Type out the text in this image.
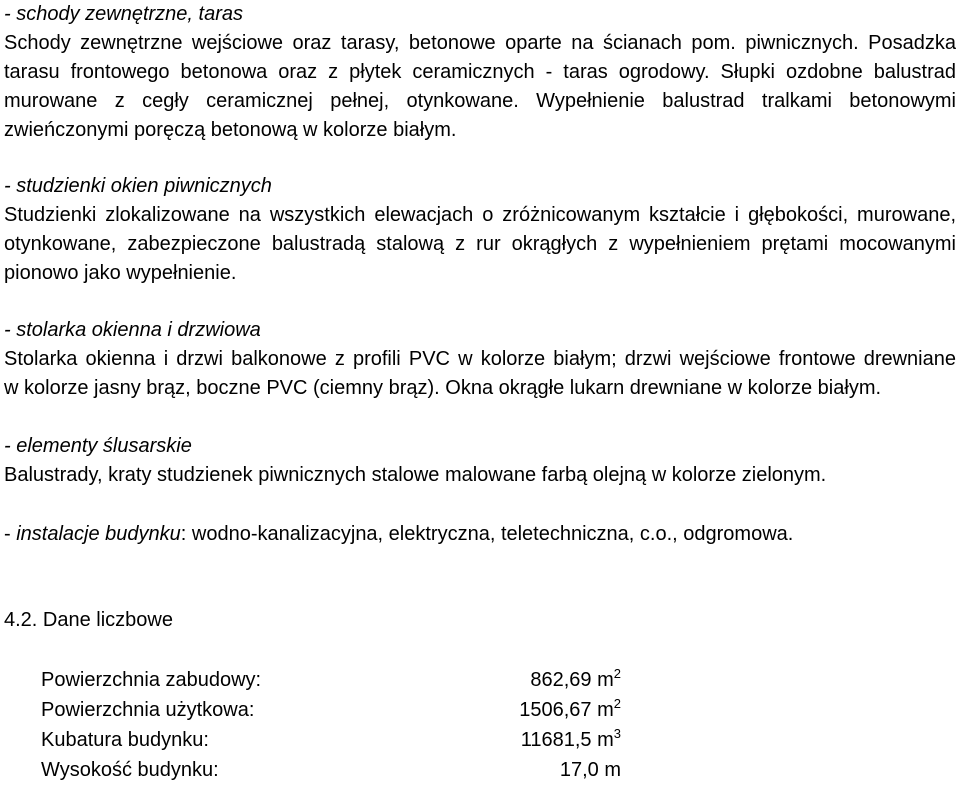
- schody zewnętrzne, taras
Schody zewnętrzne wejściowe oraz tarasy, betonowe oparte na ścianach pom. piwnicznych. Posadzka
tarasu frontowego betonowa oraz z płytek ceramicznych - taras ogrodowy. Słupki ozdobne balustrad
murowane z cegły ceramicznej pełnej, otynkowane. Wypełnienie balustrad tralkami betonowymi
zwieńczonymi poręczą betonową w kolorze białym.
- studzienki okien piwnicznych
Studzienki zlokalizowane na wszystkich elewacjach o zróżnicowanym kształcie i głębokości, murowane,
otynkowane, zabezpieczone balustradą stalową z rur okrągłych z wypełnieniem prętami mocowanymi
pionowo jako wypełnienie.
- stolarka okienna i drzwiowa
Stolarka okienna i drzwi balkonowe z profili PVC w kolorze białym; drzwi wejściowe frontowe drewniane
w kolorze jasny brąz, boczne PVC (ciemny brąz). Okna okrągłe lukarn drewniane w kolorze białym.
- elementy ślusarskie
Balustrady, kraty studzienek piwnicznych stalowe malowane farbą olejną w kolorze zielonym.
- instalacje budynku: wodno-kanalizacyjna, elektryczna, teletechniczna, c.o., odgromowa.
4.2. Dane liczbowe
Powierzchnia zabudowy:	862,69 $m^2$
Powierzchnia użytkowa:	1506,67 $m^2$
Kubatura budynku:	11681,5 $m^3$
Wysokość budynku:	17,0 m
